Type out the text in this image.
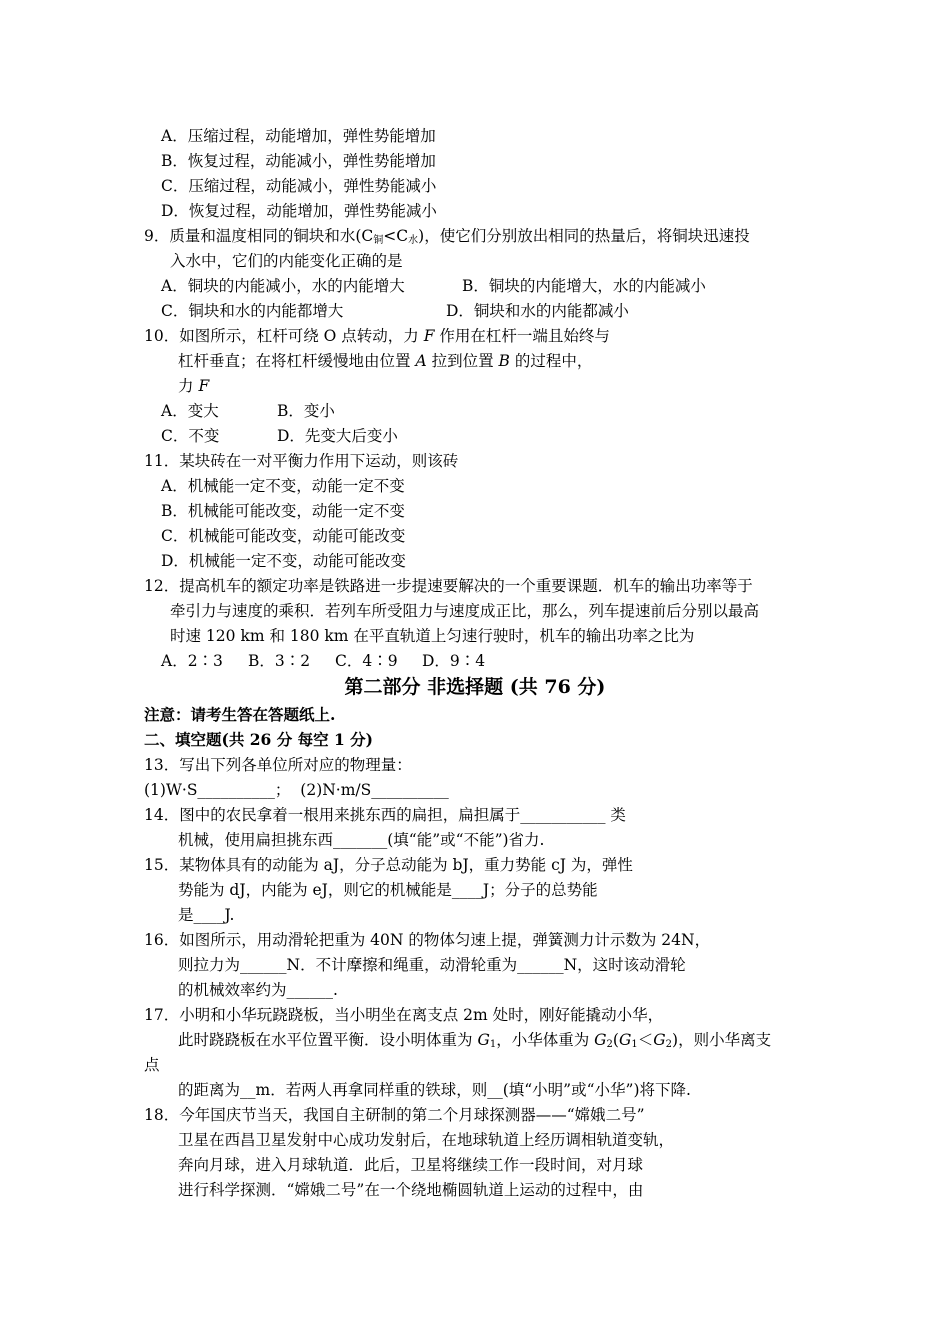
A．压缩过程，动能增加，弹性势能增加
B．恢复过程，动能减小，弹性势能增加
C．压缩过程，动能减小，弹性势能减小
D．恢复过程，动能增加，弹性势能减小
9．质量和温度相同的铜块和水$(C_铜<C_水)$，使它们分别放出相同的热量后，将铜块迅速投
入水中，它们的内能变化正确的是
A．铜块的内能减小，水的内能增大	B．铜块的内能增大，水的内能减小
C．铜块和水的内能都增大	D．铜块和水的内能都减小
10．如图所示，杠杆可绕 O 点转动，力 F 作用在杠杆一端且始终与
杠杆垂直；在将杠杆缓慢地由位置 A 拉到位置 B 的过程中，
力 F
A．变大	B．变小
C．不变	D．先变大后变小
11．某块砖在一对平衡力作用下运动，则该砖
A．机械能一定不变，动能一定不变
B．机械能可能改变，动能一定不变
C．机械能可能改变，动能可能改变
D．机械能一定不变，动能可能改变
12．提高机车的额定功率是铁路进一步提速要解决的一个重要课题．机车的输出功率等于
牵引力与速度的乘积．若列车所受阻力与速度成正比，那么，列车提速前后分别以最高
时速 120 km 和 180 km 在平直轨道上匀速行驶时，机车的输出功率之比为
A．2∶3 B．3∶2 C．4∶9 D．9∶4
第二部分 非选择题 (共 76 分)
注意：请考生答在答题纸上.
二、填空题(共 26 分 每空 1 分)
13．写出下列各单位所对应的物理量：
(1)W·S__________；  (2)N·m/S__________
14．图中的农民拿着一根用来挑东西的扁担，扁担属于___________ 类
机械，使用扁担挑东西_______(填“能”或“不能”)省力.
15．某物体具有的动能为 aJ，分子总动能为 bJ，重力势能 cJ 为，弹性
势能为 dJ，内能为 eJ，则它的机械能是____J；分子的总势能
是____J.
16．如图所示，用动滑轮把重为 40N 的物体匀速上提，弹簧测力计示数为 24N，
则拉力为______N．不计摩擦和绳重，动滑轮重为______N，这时该动滑轮
的机械效率约为______.
17．小明和小华玩跷跷板，当小明坐在离支点 2m 处时，刚好能撬动小华，
此时跷跷板在水平位置平衡．设小明体重为 $G_1$，小华体重为 $G_2(G_1<G_2)$，则小华离支
点
的距离为__m．若两人再拿同样重的铁球，则__(填“小明”或“小华”)将下降.
18．今年国庆节当天，我国自主研制的第二个月球探测器——“嫦娥二号”
卫星在西昌卫星发射中心成功发射后，在地球轨道上经历调相轨道变轨，
奔向月球，进入月球轨道．此后，卫星将继续工作一段时间，对月球
进行科学探测．“嫦娥二号”在一个绕地椭圆轨道上运动的过程中，由
